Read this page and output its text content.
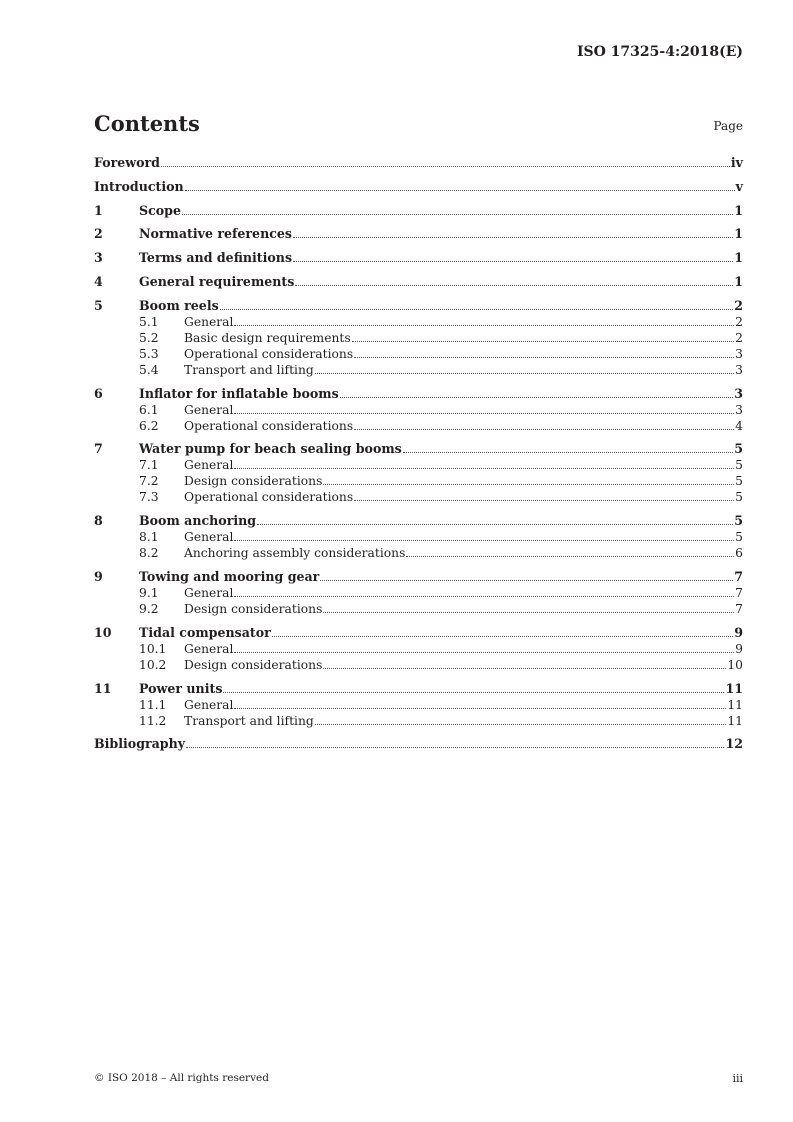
ISO 17325-4:2018(E)
Contents	Page
Foreword	iv
Introduction	v
1	Scope	1
2	Normative references	1
3	Terms and definitions	1
4	General requirements	1
5	Boom reels	2
5.1	General	2
5.2	Basic design requirements	2
5.3	Operational considerations	3
5.4	Transport and lifting	3
6	Inflator for inflatable booms	3
6.1	General	3
6.2	Operational considerations	4
7	Water pump for beach sealing booms	5
7.1	General	5
7.2	Design considerations	5
7.3	Operational considerations	5
8	Boom anchoring	5
8.1	General	5
8.2	Anchoring assembly considerations	6
9	Towing and mooring gear	7
9.1	General	7
9.2	Design considerations	7
10	Tidal compensator	9
10.1	General	9
10.2	Design considerations	10
11	Power units	11
11.1	General	11
11.2	Transport and lifting	11
Bibliography	12
© ISO 2018 – All rights reserved	iii
